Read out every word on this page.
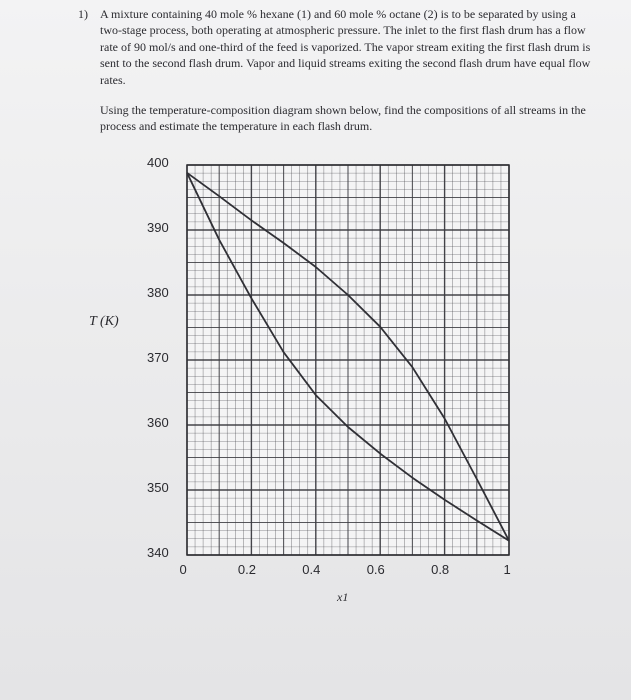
1) A mixture containing 40 mole % hexane (1) and 60 mole % octane (2) is to be separated by using a two-stage process, both operating at atmospheric pressure. The inlet to the first flash drum has a flow rate of 90 mol/s and one-third of the feed is vaporized. The vapor stream exiting the first flash drum is sent to the second flash drum. Vapor and liquid streams exiting the second flash drum have equal flow rates.

Using the temperature-composition diagram shown below, find the compositions of all streams in the process and estimate the temperature in each flash drum.

T (K)
340
350
360
370
380
390
400
0	0.2	0.4	0.6	0.8	1
x1
